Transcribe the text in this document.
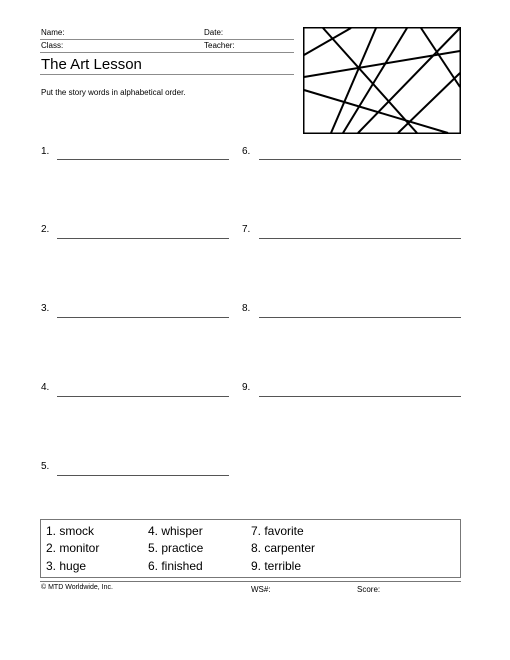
Name:	Date:
Class:	Teacher:
The Art Lesson
Put the story words in alphabetical order.
1.
2.
3.
4.
5.
6.
7.
8.
9.
1. smock	4. whisper	7. favorite
2. monitor	5. practice	8. carpenter
3. huge	6. finished	9. terrible
© MTD Worldwide, Inc.	WS#:	Score:
